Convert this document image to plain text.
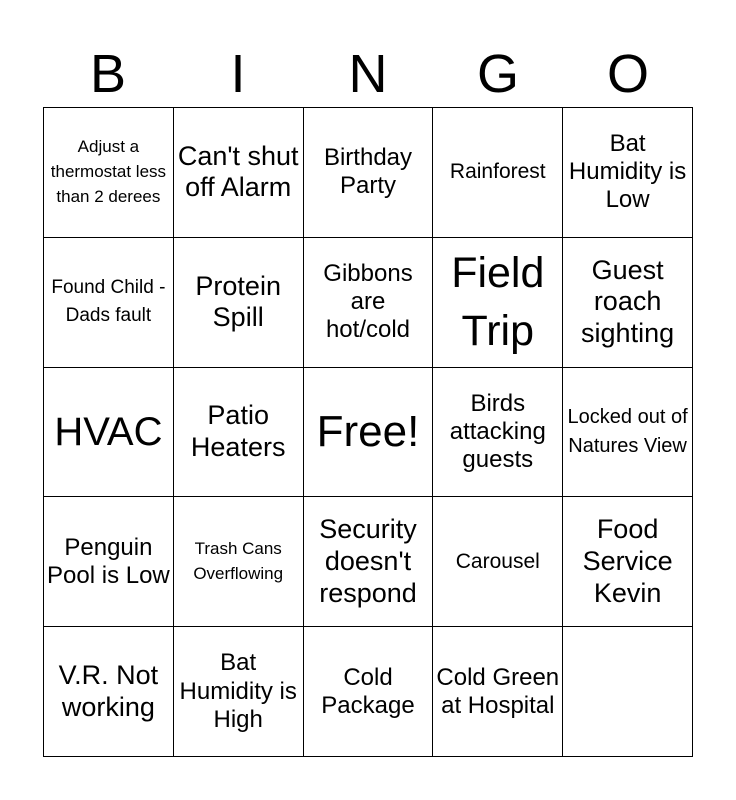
B	I	N	G	O
Adjust a thermostat less than 2 derees
Can't shut off Alarm
Birthday Party
Rainforest
Bat Humidity is Low
Found Child - Dads fault
Protein Spill
Gibbons are hot/cold
Field Trip
Guest roach sighting
HVAC	Patio Heaters Free!
Birds attacking guests
Locked out of Natures View
Penguin Pool is Low
Trash Cans Overflowing
Security doesn't respond
Carousel
Food Service Kevin
V.R. Not working
Bat Humidity is High
Cold Package
Cold Green at Hospital
